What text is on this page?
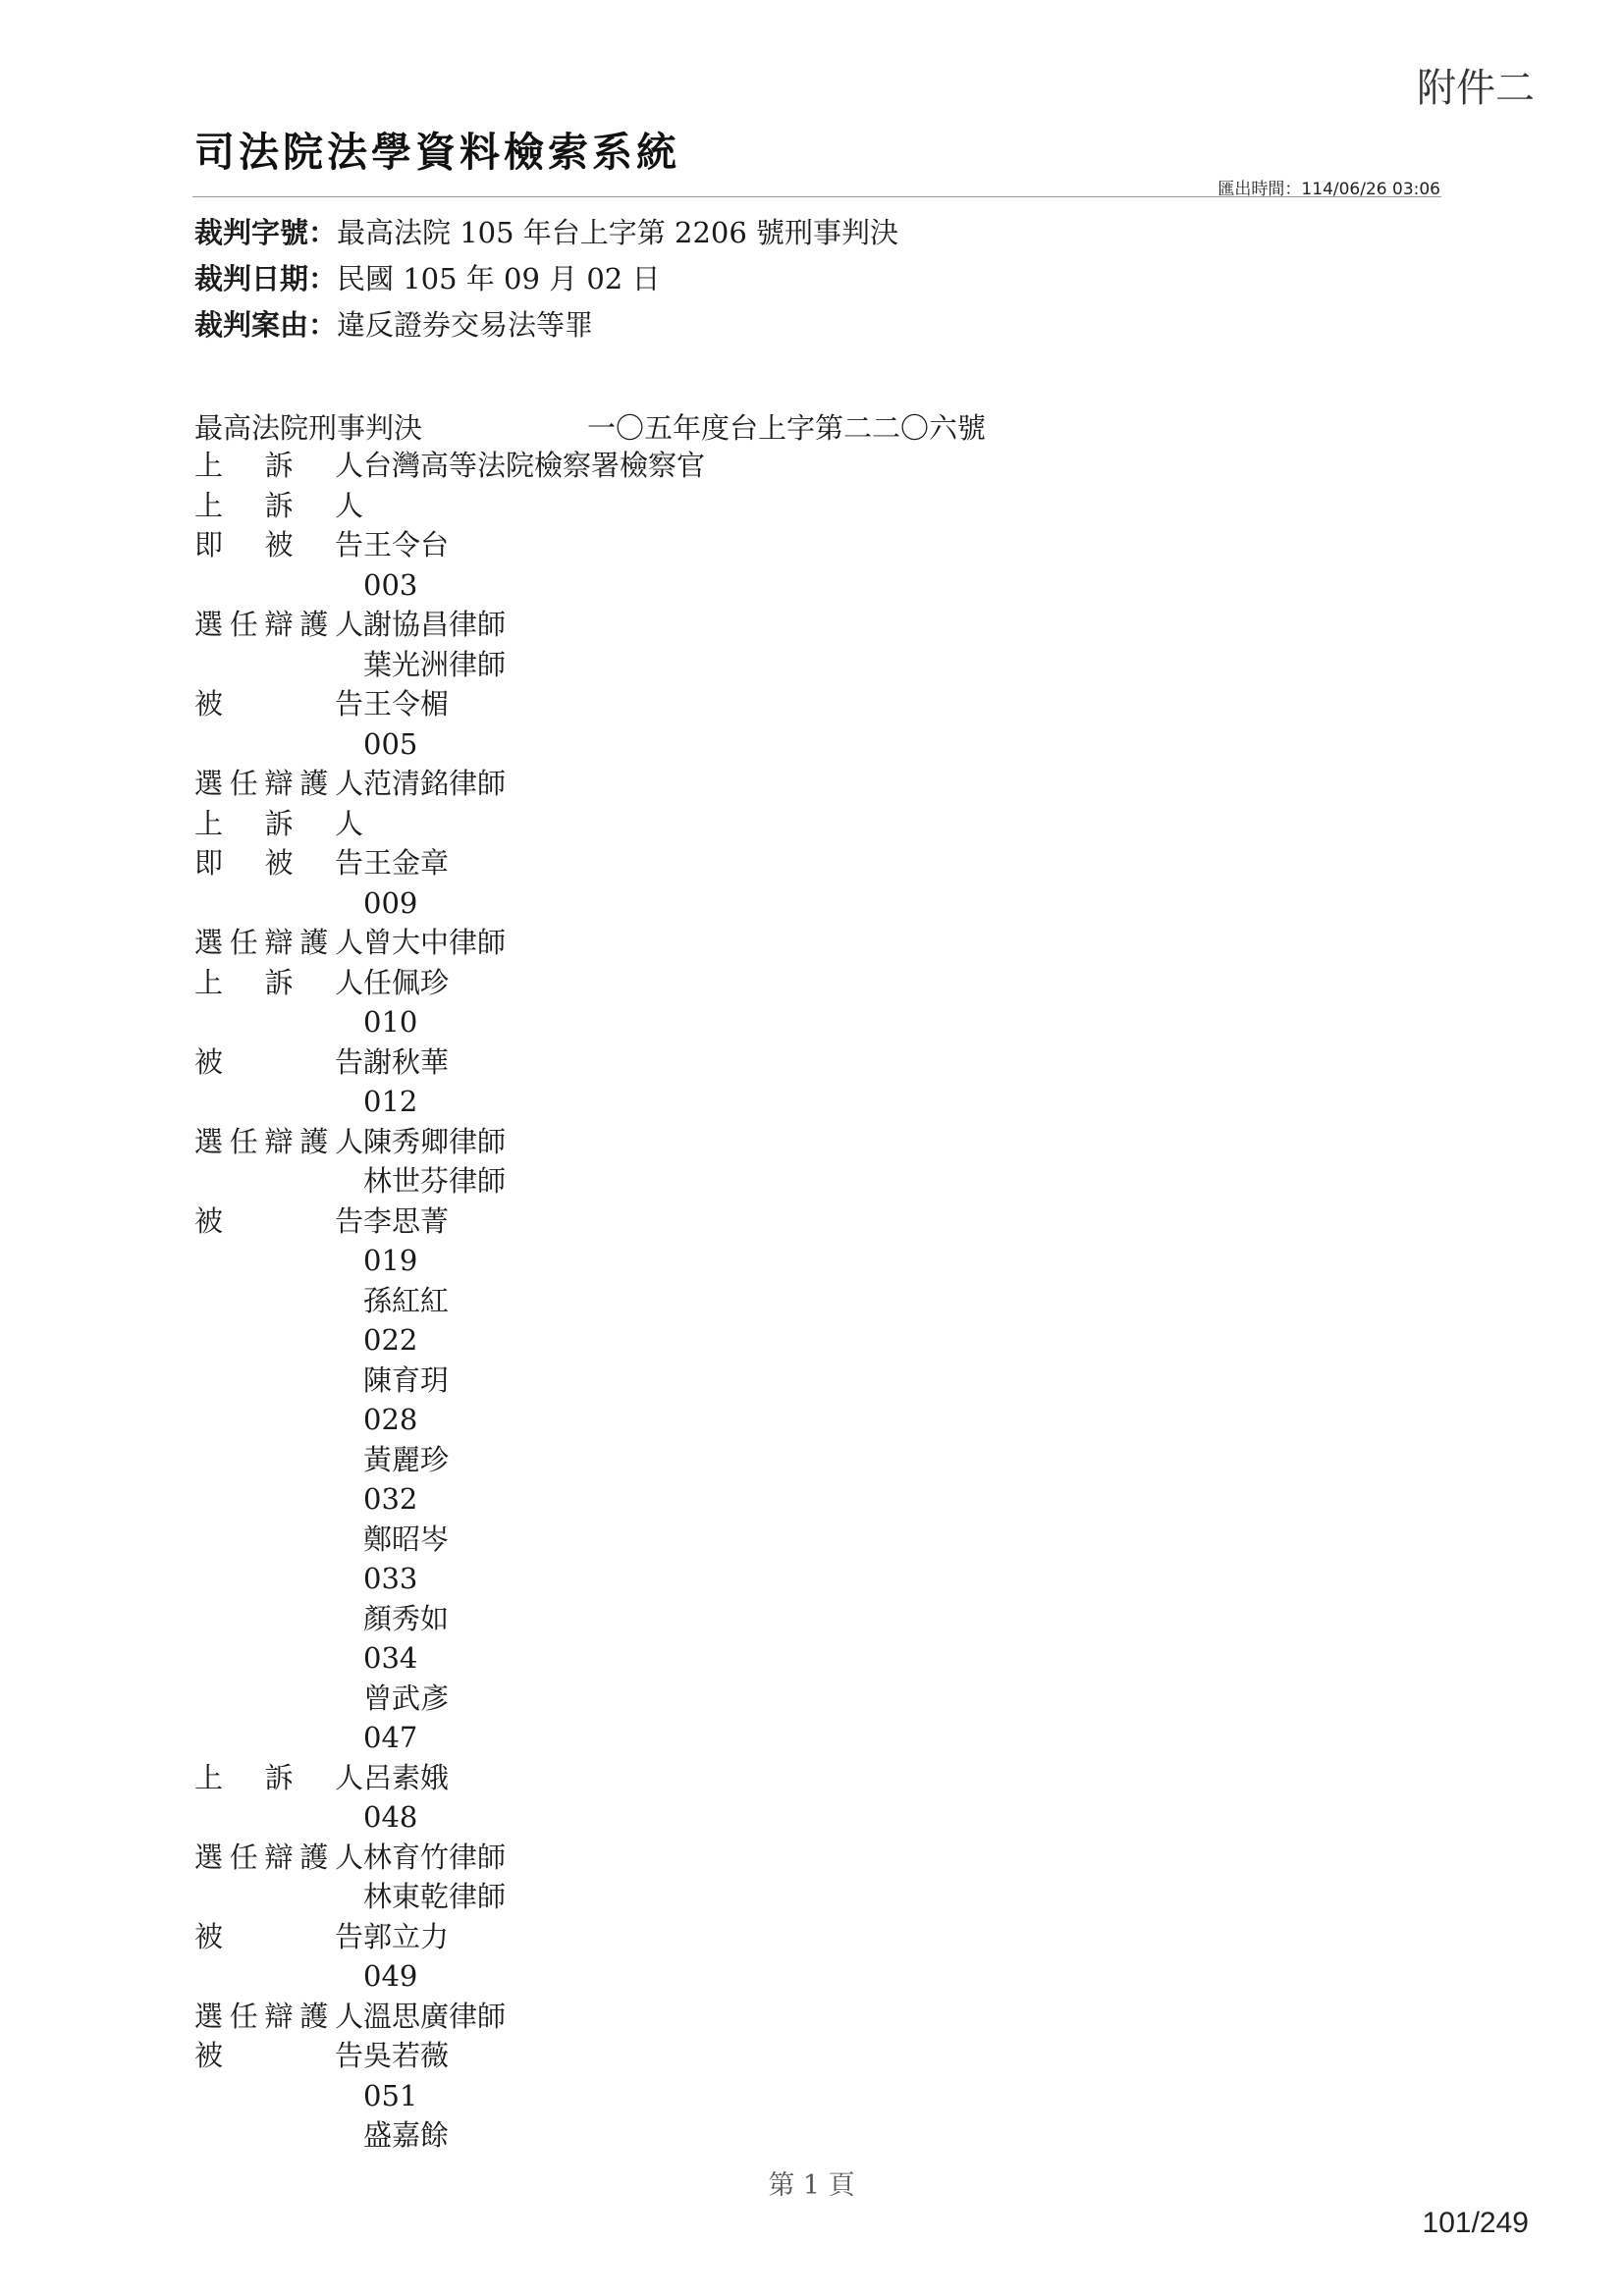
附件二
司法院法學資料檢索系統
匯出時間：114/06/26 03:06
裁判字號：最高法院 105 年台上字第 2206 號刑事判決
裁判日期：民國 105 年 09 月 02 日
裁判案由：違反證券交易法等罪
最高法院刑事判決	一〇五年度台上字第二二〇六號
上訴人台灣高等法院檢察署檢察官
上訴人
即被告王令台
003
選任辯護人謝協昌律師
葉光洲律師
被告王令楣
005
選任辯護人范清銘律師
上訴人
即被告王金章
009
選任辯護人曾大中律師
上訴人任佩珍
010
被告謝秋華
012
選任辯護人陳秀卿律師
林世芬律師
被告李思菁
019
孫紅紅
022
陳育玥
028
黃麗珍
032
鄭昭岑
033
顏秀如
034
曾武彥
047
上訴人呂素娥
048
選任辯護人林育竹律師
林東乾律師
被告郭立力
049
選任辯護人溫思廣律師
被告吳若薇
051
盛嘉餘
第 1 頁
101/249
